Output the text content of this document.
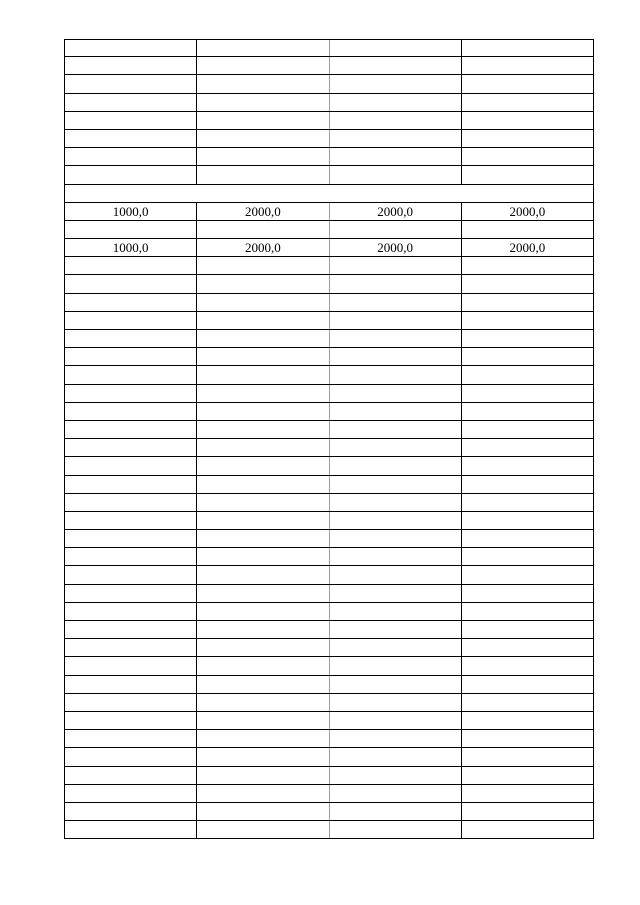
1000,0	2000,0	2000,0	2000,0
1000,0	2000,0	2000,0	2000,0
